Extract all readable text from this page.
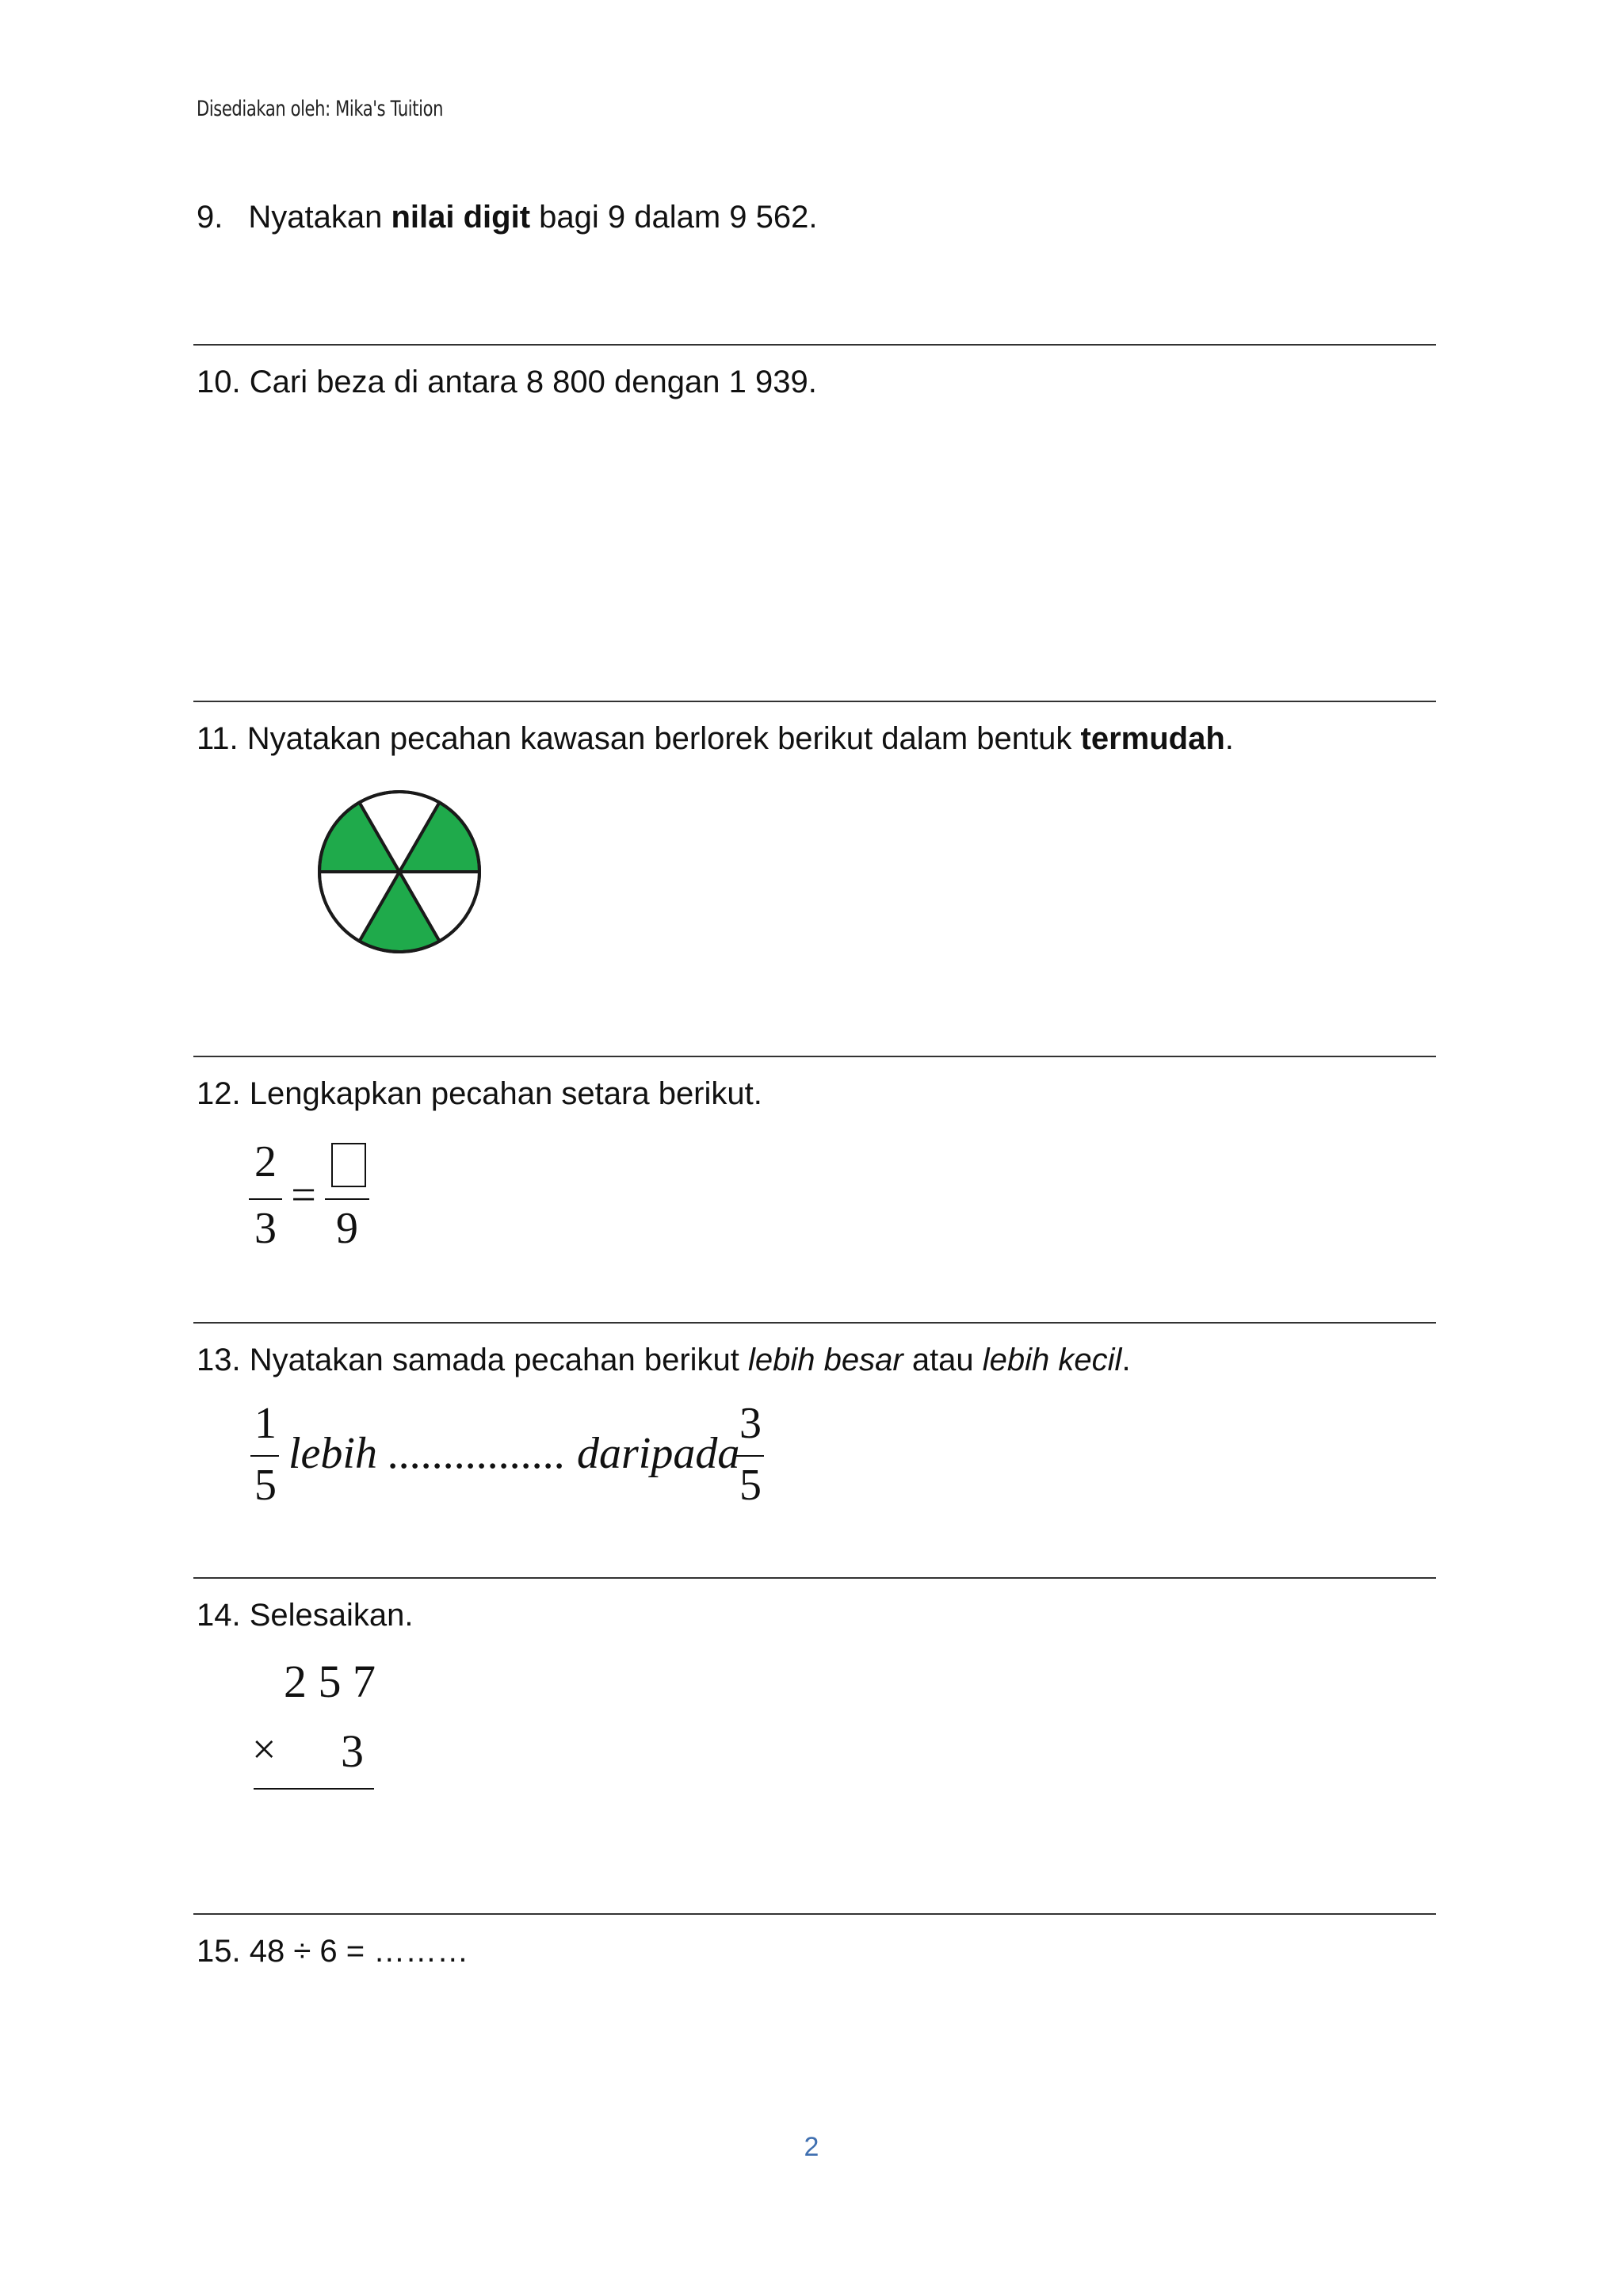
Disediakan oleh: Mika's Tuition
9. Nyatakan nilai digit bagi 9 dalam 9 562.
10. Cari beza di antara 8 800 dengan 1 939.
11. Nyatakan pecahan kawasan berlorek berikut dalam bentuk termudah.
12. Lengkapkan pecahan setara berikut.
2
3
=
9
13. Nyatakan samada pecahan berikut lebih besar atau lebih kecil.
1
5
lebih ................ daripada
3
5
14. Selesaikan.
2 5 7
× 3
15. 48 ÷ 6 = ………
2
